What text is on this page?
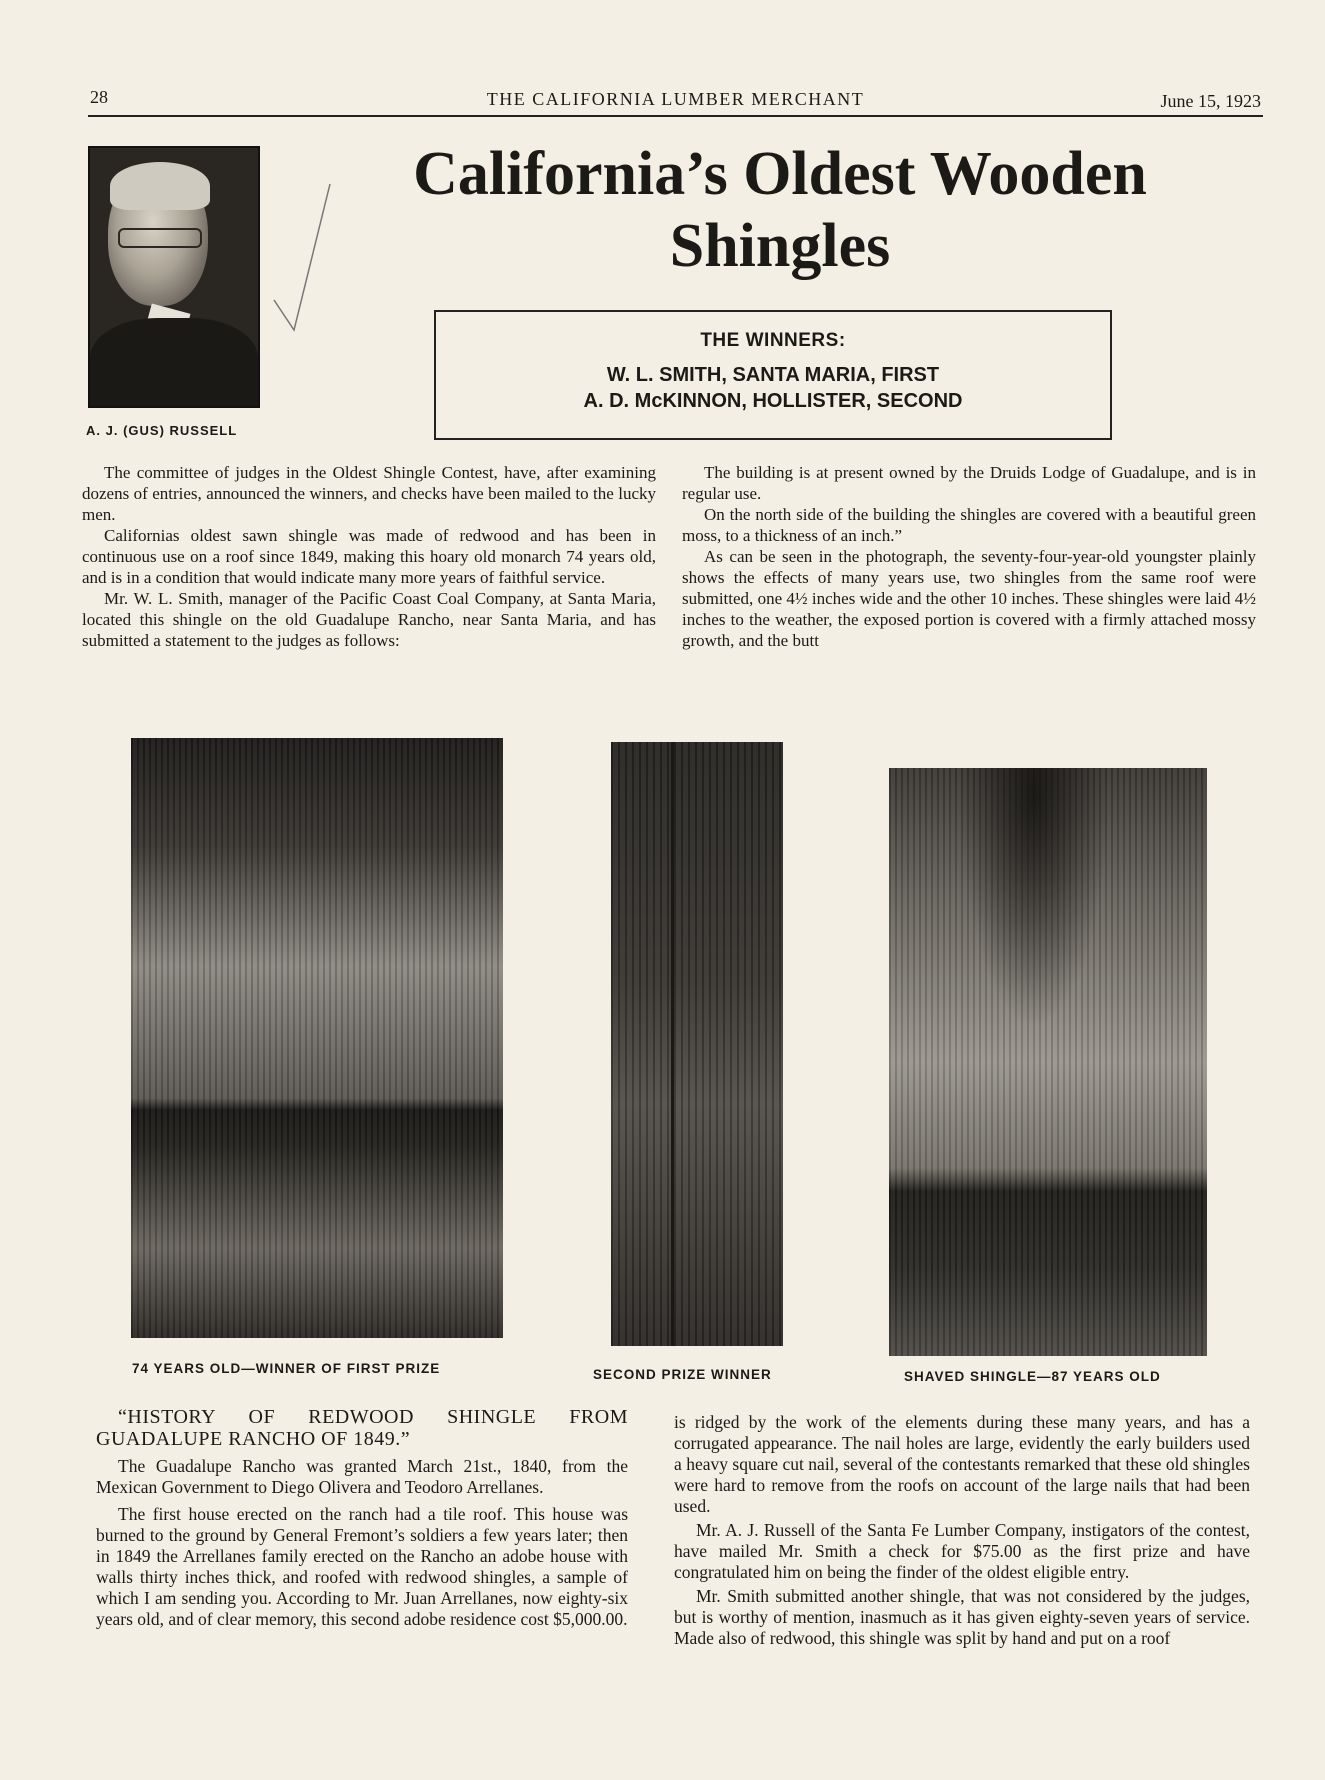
28	THE CALIFORNIA LUMBER MERCHANT	June 15, 1923
A. J. (GUS) RUSSELL
California’s Oldest Wooden
Shingles
THE WINNERS:
W. L. SMITH, SANTA MARIA, FIRST
A. D. McKINNON, HOLLISTER, SECOND

The committee of judges in the Oldest Shingle Contest, have, after examining dozens of entries, announced the winners, and checks have been mailed to the lucky men.

Californias oldest sawn shingle was made of redwood and has been in continuous use on a roof since 1849, making this hoary old monarch 74 years old, and is in a condition that would indicate many more years of faithful service.

Mr. W. L. Smith, manager of the Pacific Coast Coal Company, at Santa Maria, located this shingle on the old Guadalupe Rancho, near Santa Maria, and has submitted a statement to the judges as follows:

The building is at present owned by the Druids Lodge of Guadalupe, and is in regular use.

On the north side of the building the shingles are covered with a beautiful green moss, to a thickness of an inch.”

As can be seen in the photograph, the seventy-four-year-old youngster plainly shows the effects of many years use, two shingles from the same roof were submitted, one 4½ inches wide and the other 10 inches. These shingles were laid 4½ inches to the weather, the exposed portion is covered with a firmly attached mossy growth, and the butt

74 YEARS OLD—WINNER OF FIRST PRIZE	SECOND PRIZE WINNER	SHAVED SHINGLE—87 YEARS OLD

“HISTORY OF REDWOOD SHINGLE FROM GUADALUPE RANCHO OF 1849.”

The Guadalupe Rancho was granted March 21st., 1840, from the Mexican Government to Diego Olivera and Teodoro Arrellanes.

The first house erected on the ranch had a tile roof. This house was burned to the ground by General Fremont’s soldiers a few years later; then in 1849 the Arrellanes family erected on the Rancho an adobe house with walls thirty inches thick, and roofed with redwood shingles, a sample of which I am sending you. According to Mr. Juan Arrellanes, now eighty-six years old, and of clear memory, this second adobe residence cost $5,000.00.

is ridged by the work of the elements during these many years, and has a corrugated appearance. The nail holes are large, evidently the early builders used a heavy square cut nail, several of the contestants remarked that these old shingles were hard to remove from the roofs on account of the large nails that had been used.

Mr. A. J. Russell of the Santa Fe Lumber Company, instigators of the contest, have mailed Mr. Smith a check for $75.00 as the first prize and have congratulated him on being the finder of the oldest eligible entry.

Mr. Smith submitted another shingle, that was not considered by the judges, but is worthy of mention, inasmuch as it has given eighty-seven years of service. Made also of redwood, this shingle was split by hand and put on a roof
